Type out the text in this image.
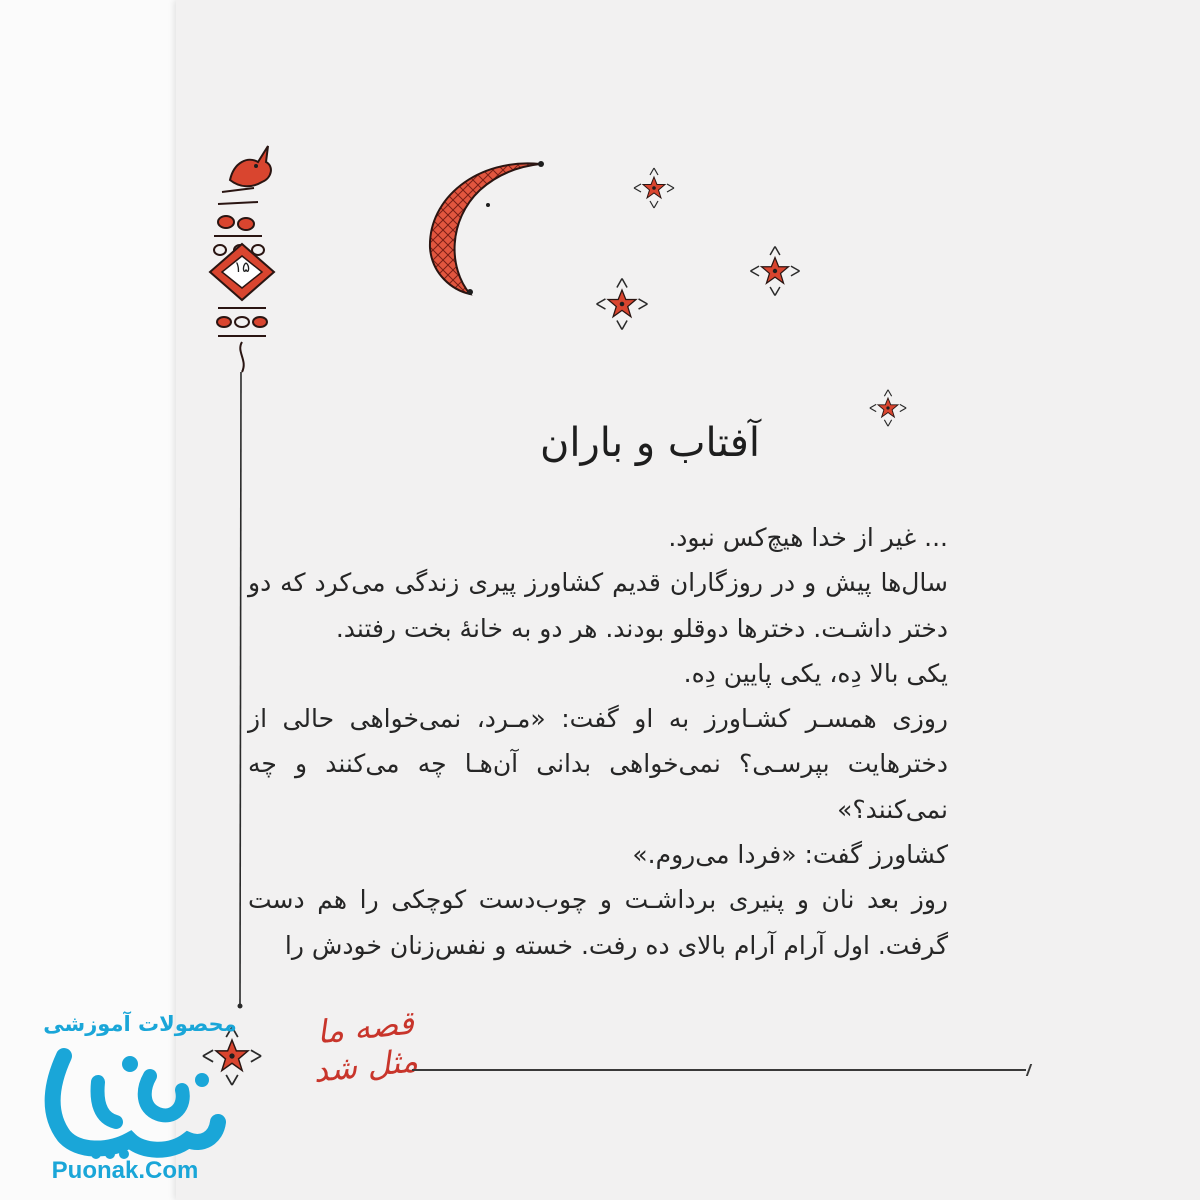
۱۵
آفتاب و باران

... غیر از خدا هیچ‌کس نبود.

سال‌ها پیش و در روزگاران قدیم کشاورز پیری زندگی می‌کرد که دو دختر داشـت. دخترها دوقلو بودند. هر دو به خانهٔ بخت رفتند.

یکی بالا دِه، یکی پایین دِه.

روزی همسـر کشـاورز به او گفت: «مـرد، نمی‌خواهی حالی از دخترهایت بپرسـی؟ نمی‌خواهی بدانی آن‌هـا چه می‌کنند و چه نمی‌کنند؟»

کشاورز گفت: «فردا می‌روم.»

روز بعد نان و پنیری برداشـت و چوب‌دست کوچکی را هم دست گرفت. اول آرام آرام بالای ده رفت. خسته و نفس‌زنان خودش را

قصه ما مثل شد
محصولات آموزشی
Puonak.Com
